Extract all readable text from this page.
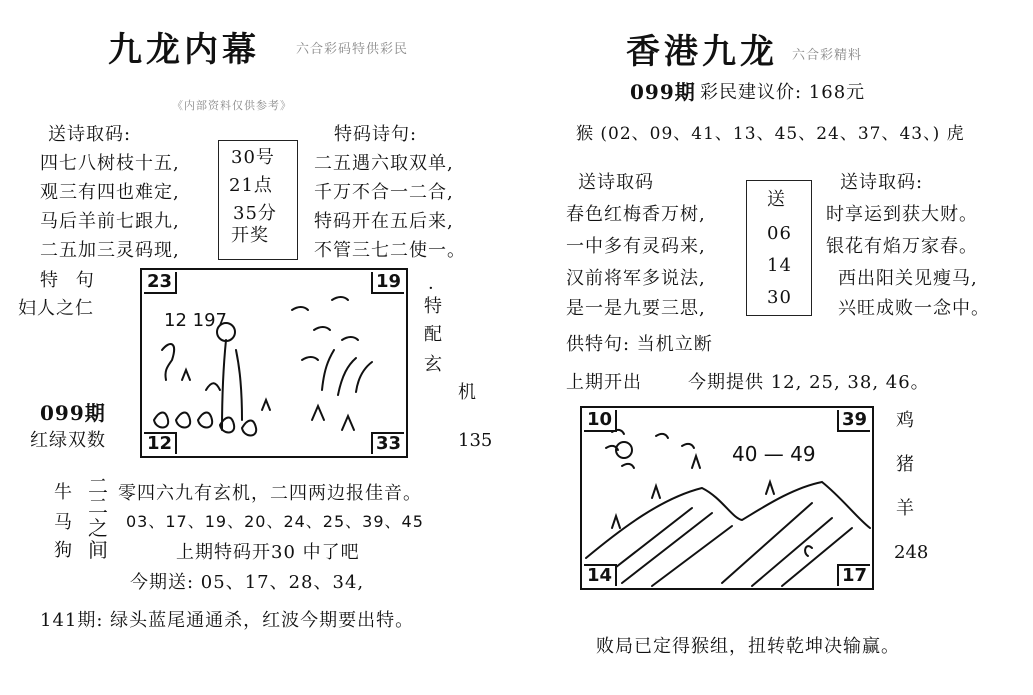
九龙内幕	六合彩码特供彩民
《内部资料仅供参考》
送诗取码:
四七八树枝十五,
观三有四也难定,
马后羊前七跟九,
二五加三灵码现,
30号
21点
35分
开奖
特码诗句:
二五遇六取双单,
千万不合一二合,
特码开在五后来,
不管三七二使一。
特 句
妇人之仁
099期
红绿双数
23	19
12	33
12 197
·
特
配
玄
机
135
牛
马
狗
二
二
之
间
零四六九有玄机，二四两边报佳音。
03、17、19、20、24、25、39、45
上期特码开30 中了吧
今期送: 05、17、28、34,
141期: 绿头蓝尾通通杀，红波今期要出特。
香港九龙 六合彩精料
099期 彩民建议价: 168元
猴 (02、09、41、13、45、24、37、43、) 虎
送诗取码
春色红梅香万树,
一中多有灵码来,
汉前将军多说法,
是一是九要三思,
送
06
14
30
送诗取码:
时享运到获大财。
银花有焰万家春。
西出阳关见瘦马,
兴旺成败一念中。
供特句: 当机立断
上期开出	今期提供 12, 25, 38, 46。
10	39
14	17
40 — 49
鸡
猪
羊
248
败局已定得猴组，扭转乾坤决输赢。
